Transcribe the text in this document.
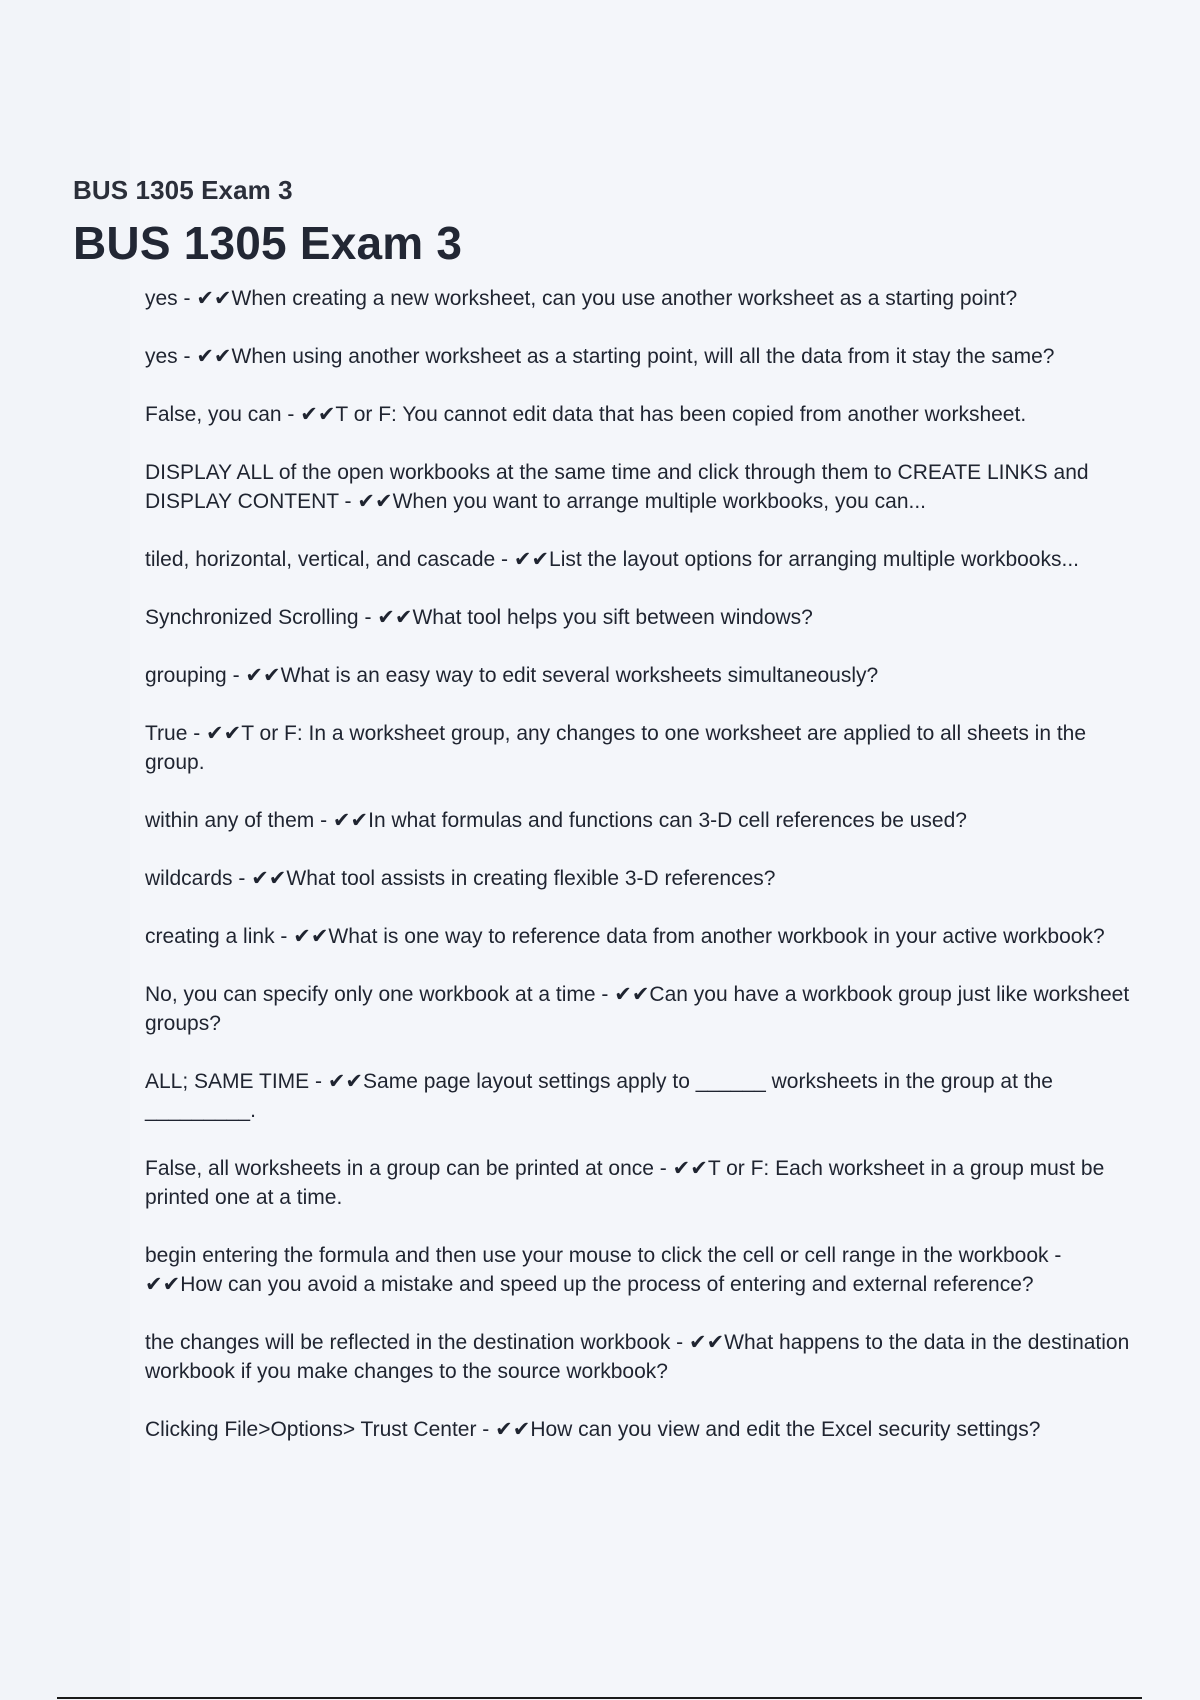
BUS 1305 Exam 3
BUS 1305 Exam 3
yes - ✔✔When creating a new worksheet, can you use another worksheet as a starting point?
yes - ✔✔When using another worksheet as a starting point, will all the data from it stay the same?
False, you can - ✔✔T or F: You cannot edit data that has been copied from another worksheet.
DISPLAY ALL of the open workbooks at the same time and click through them to CREATE LINKS and DISPLAY CONTENT - ✔✔When you want to arrange multiple workbooks, you can...
tiled, horizontal, vertical, and cascade - ✔✔List the layout options for arranging multiple workbooks...
Synchronized Scrolling - ✔✔What tool helps you sift between windows?
grouping - ✔✔What is an easy way to edit several worksheets simultaneously?
True - ✔✔T or F: In a worksheet group, any changes to one worksheet are applied to all sheets in the group.
within any of them - ✔✔In what formulas and functions can 3-D cell references be used?
wildcards - ✔✔What tool assists in creating flexible 3-D references?
creating a link - ✔✔What is one way to reference data from another workbook in your active workbook?
No, you can specify only one workbook at a time - ✔✔Can you have a workbook group just like worksheet groups?
ALL; SAME TIME - ✔✔Same page layout settings apply to ______ worksheets in the group at the _________.
False, all worksheets in a group can be printed at once - ✔✔T or F: Each worksheet in a group must be printed one at a time.
begin entering the formula and then use your mouse to click the cell or cell range in the workbook - ✔✔How can you avoid a mistake and speed up the process of entering and external reference?
the changes will be reflected in the destination workbook - ✔✔What happens to the data in the destination workbook if you make changes to the source workbook?
Clicking File>Options> Trust Center - ✔✔How can you view and edit the Excel security settings?
